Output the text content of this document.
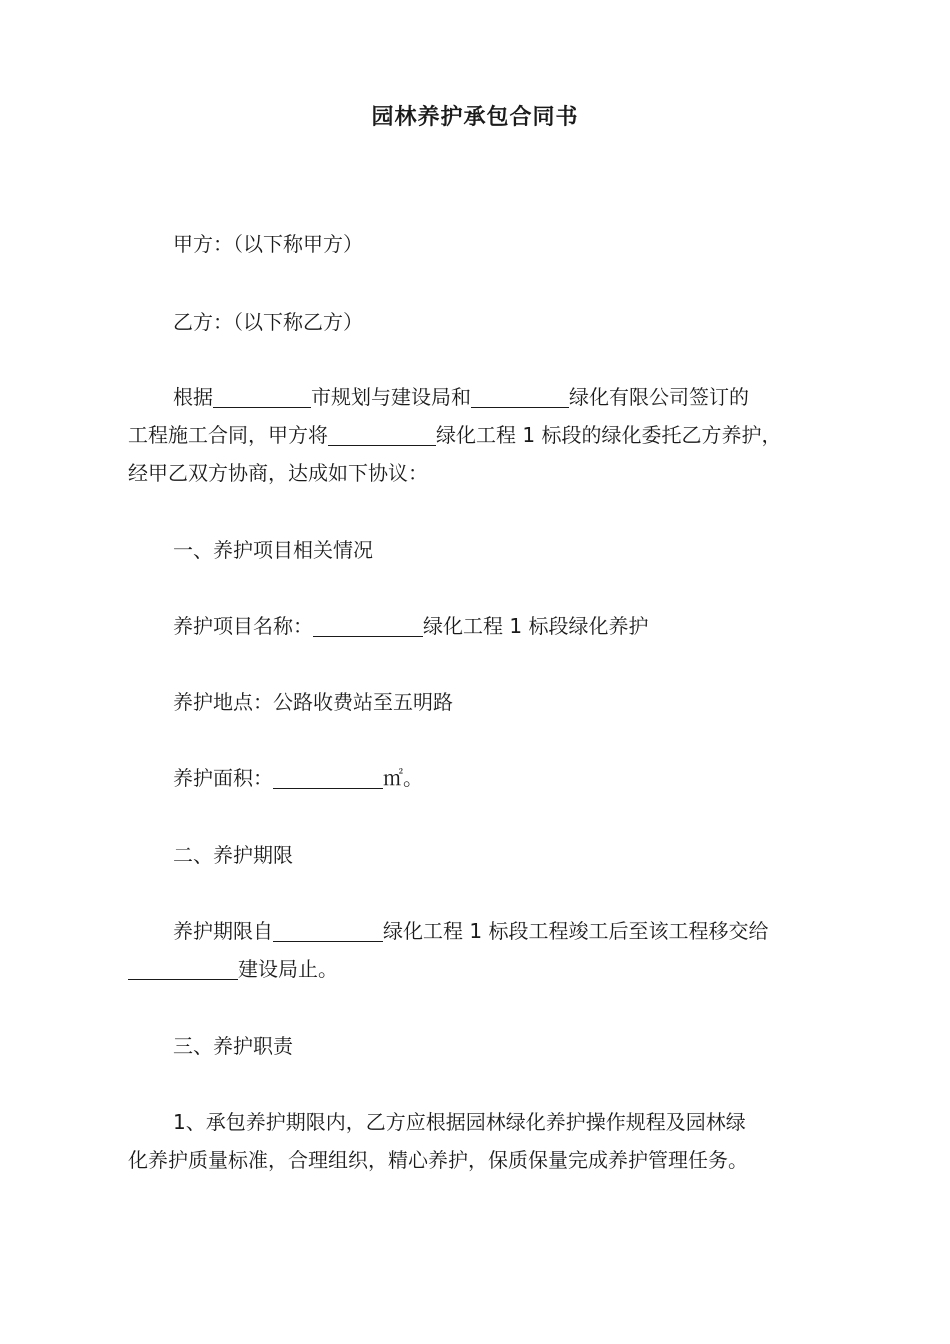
园林养护承包合同书
甲方：（以下称甲方）
乙方：（以下称乙方）
根据	市规划与建设局和	绿化有限公司签订的
工程施工合同，甲方将	绿化工程 1 标段的绿化委托乙方养护，
经甲乙双方协商，达成如下协议：
一、养护项目相关情况
养护项目名称：	绿化工程 1 标段绿化养护
养护地点：公路收费站至五明路
养护面积：	㎡。
二、养护期限
养护期限自	绿化工程 1 标段工程竣工后至该工程移交给
建设局止。
三、养护职责
1、承包养护期限内，乙方应根据园林绿化养护操作规程及园林绿
化养护质量标准，合理组织，精心养护，保质保量完成养护管理任务。
